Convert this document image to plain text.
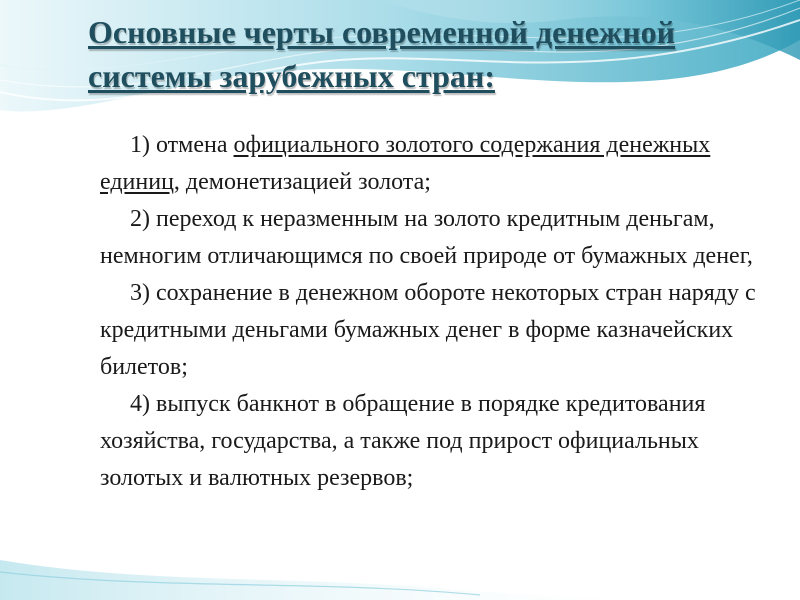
Основные черты современной денежной системы зарубежных стран:

1) отмена официального золотого содержания денежных единиц, демонетизацией золота;

2) переход к неразменным на золото кредитным деньгам, немногим отличающимся по своей природе от бумажных денег,

3) сохранение в денежном обороте некоторых стран наряду с кредитными деньгами бумажных денег в форме казначейских билетов;

4) выпуск банкнот в обращение в порядке кредитования хозяйства, государства, а также под прирост официальных золотых и валютных резервов;
